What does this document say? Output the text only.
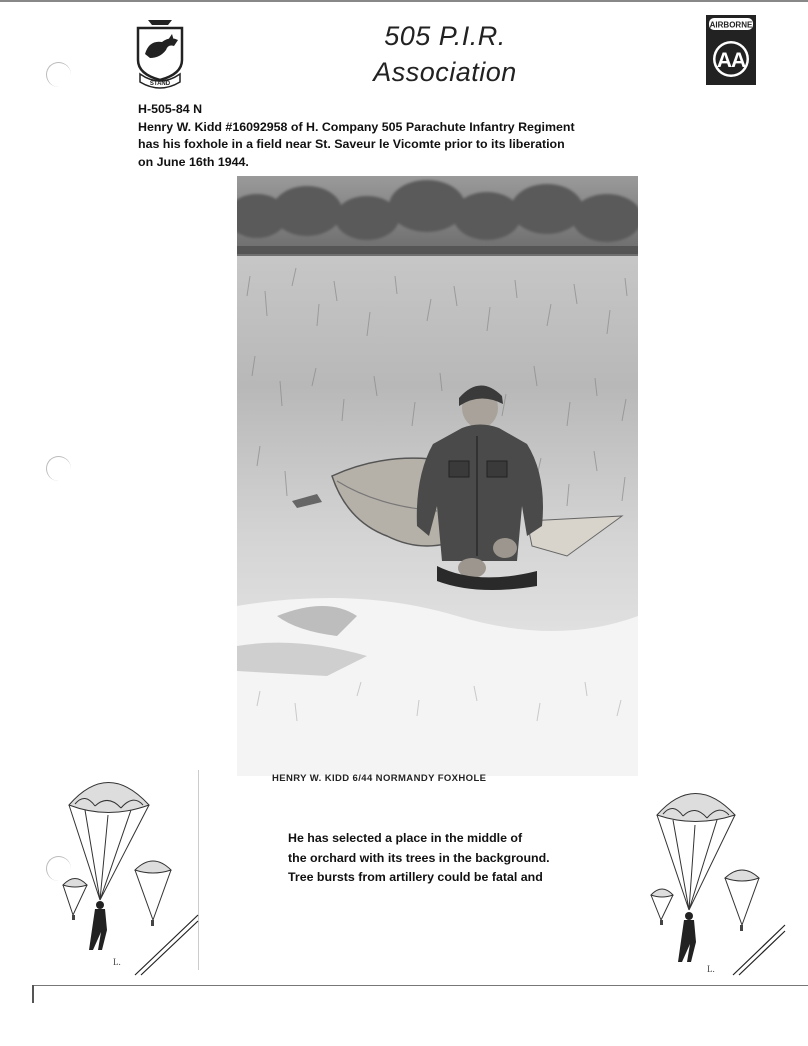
STAND
505 P.I.R.
Association
AIRBORNE
AA
H-505-84 N
Henry W. Kidd #16092958 of H. Company 505 Parachute Infantry Regiment
has his foxhole in a field near St. Saveur le Vicomte prior to its liberation
on June 16th 1944.
HENRY W. KIDD 6/44 NORMANDY FOXHOLE
He has selected a place in the middle of
the orchard with its trees in the background.
Tree bursts from artillery could be fatal and
L.
L.
